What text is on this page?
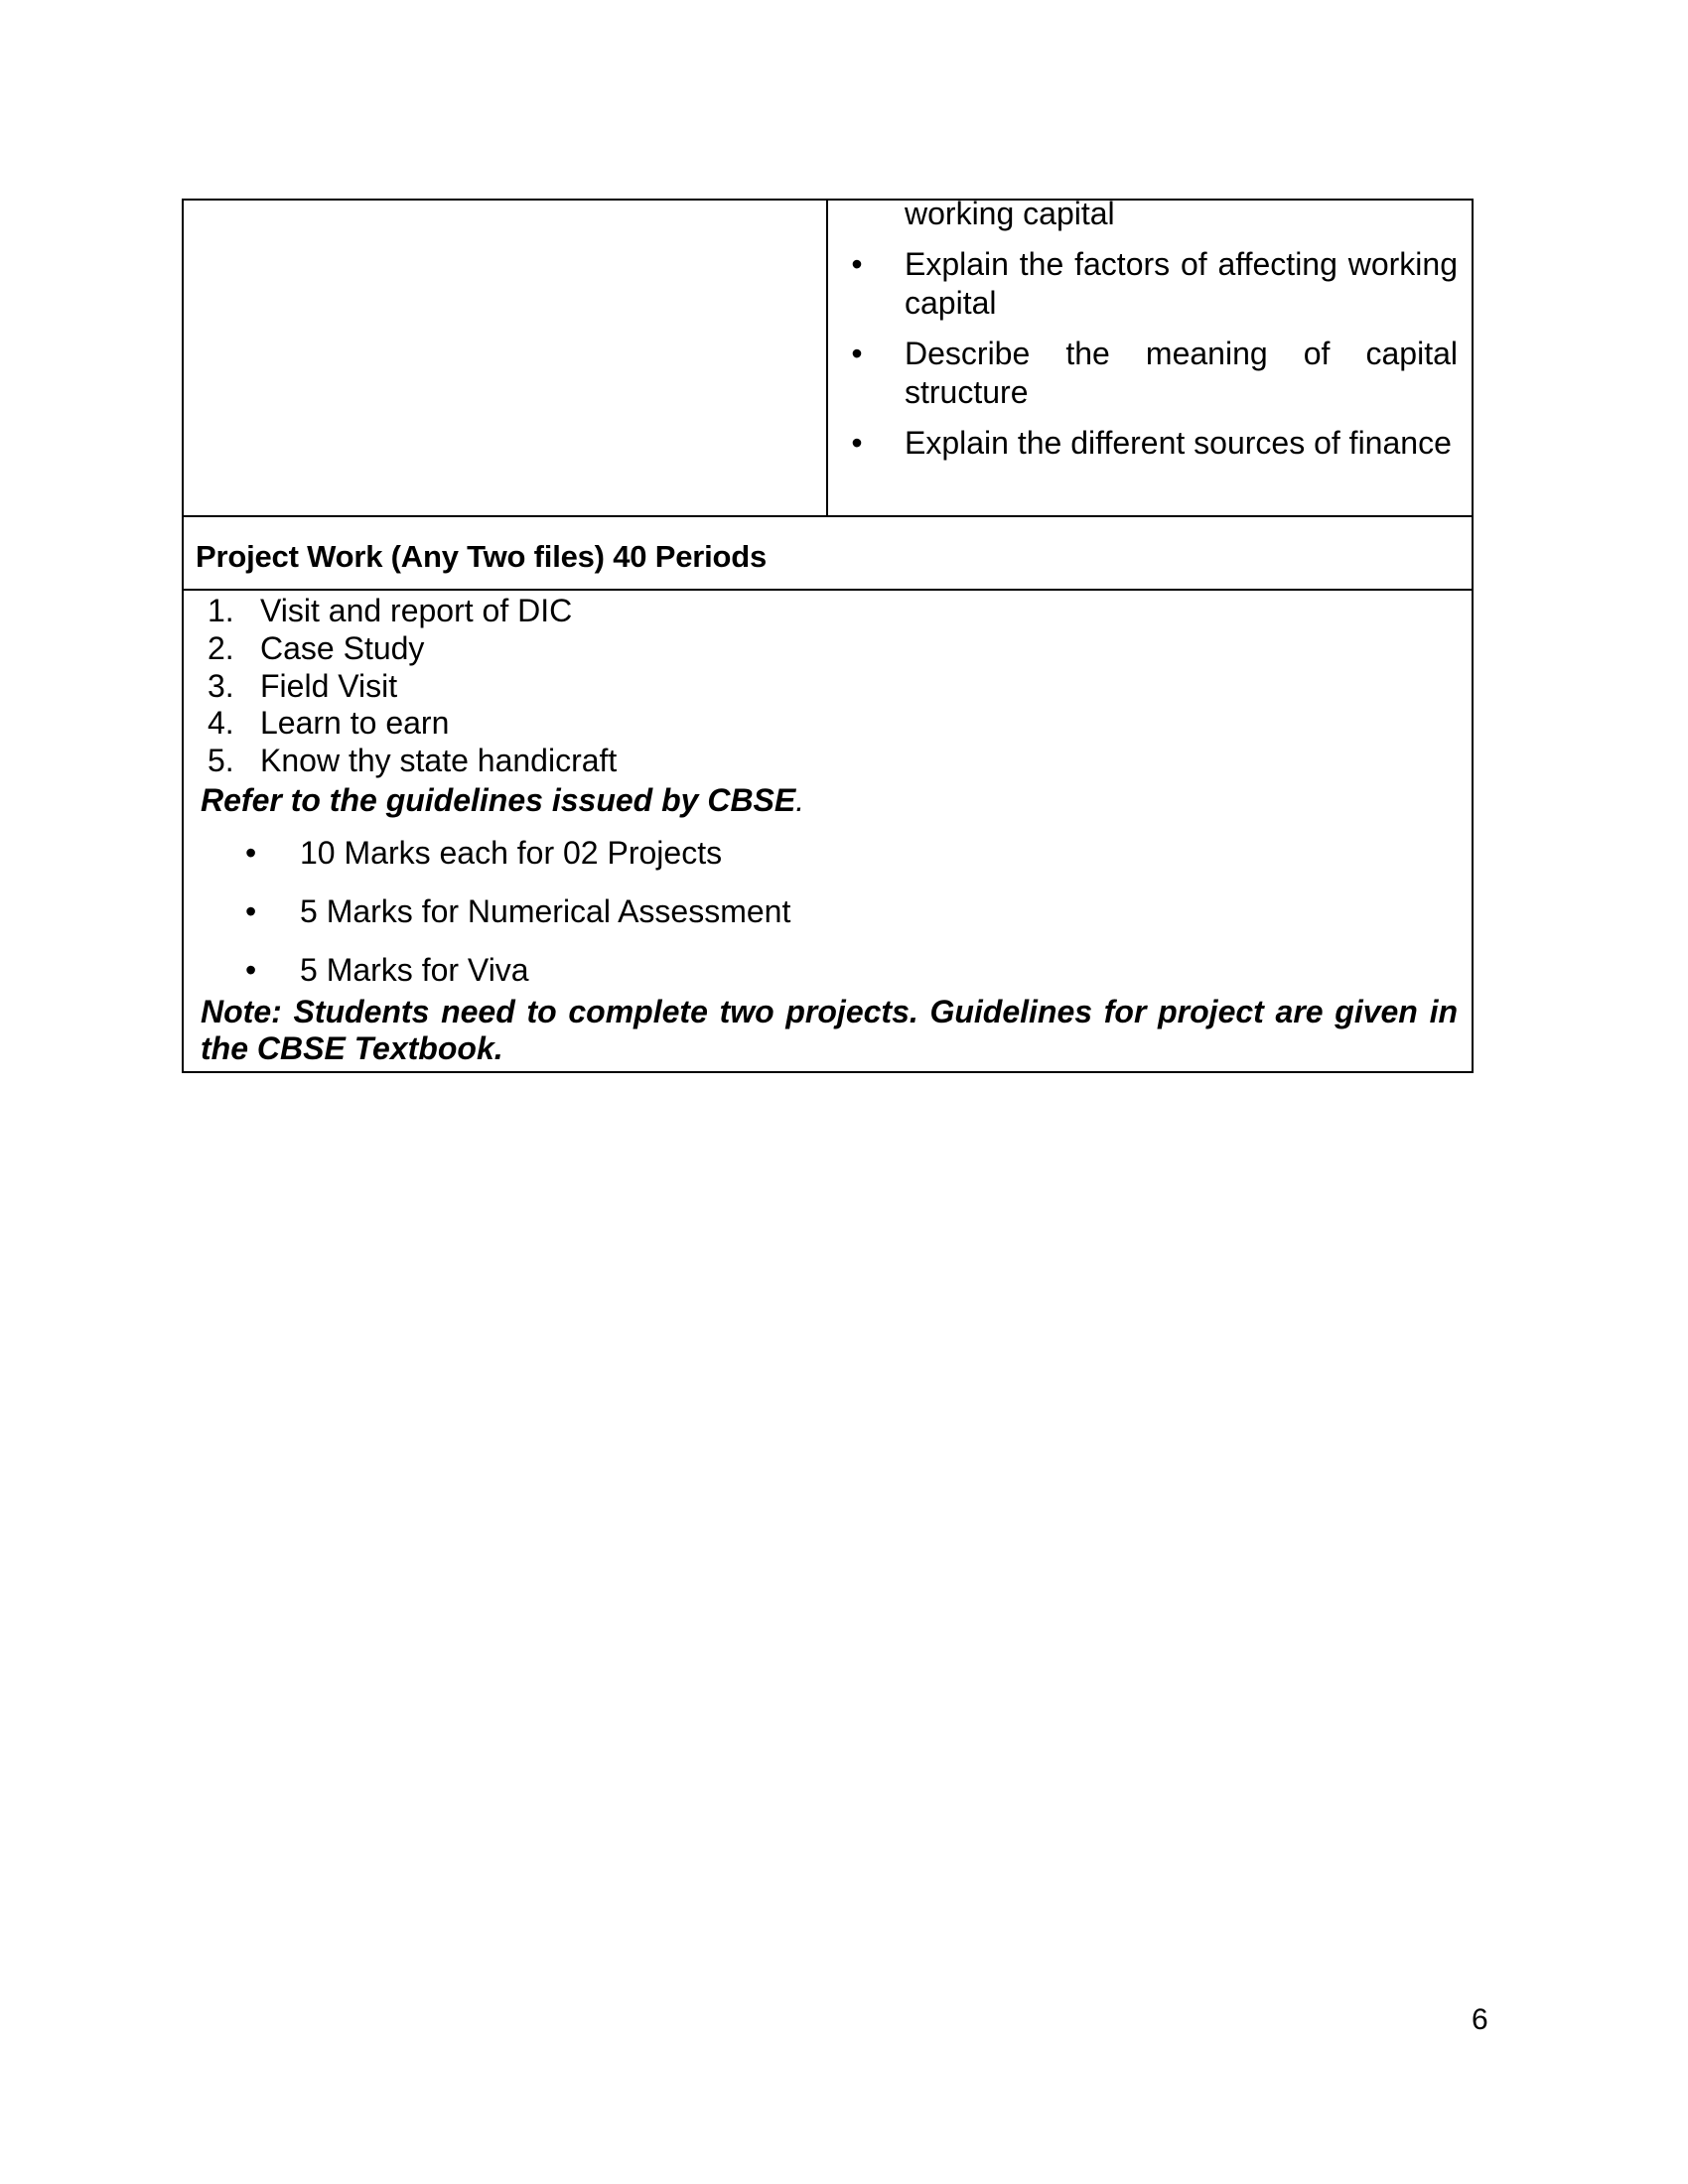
working capital
• Explain the factors of affecting working capital
• Describe the meaning of capital structure
• Explain the different sources of finance
Project Work (Any Two files) 40 Periods
1. Visit and report of DIC
2. Case Study
3. Field Visit
4. Learn to earn
5. Know thy state handicraft
Refer to the guidelines issued by CBSE.
• 10 Marks each for 02 Projects
• 5 Marks for Numerical Assessment
• 5 Marks for Viva
Note: Students need to complete two projects. Guidelines for project are given in the CBSE Textbook.
6
